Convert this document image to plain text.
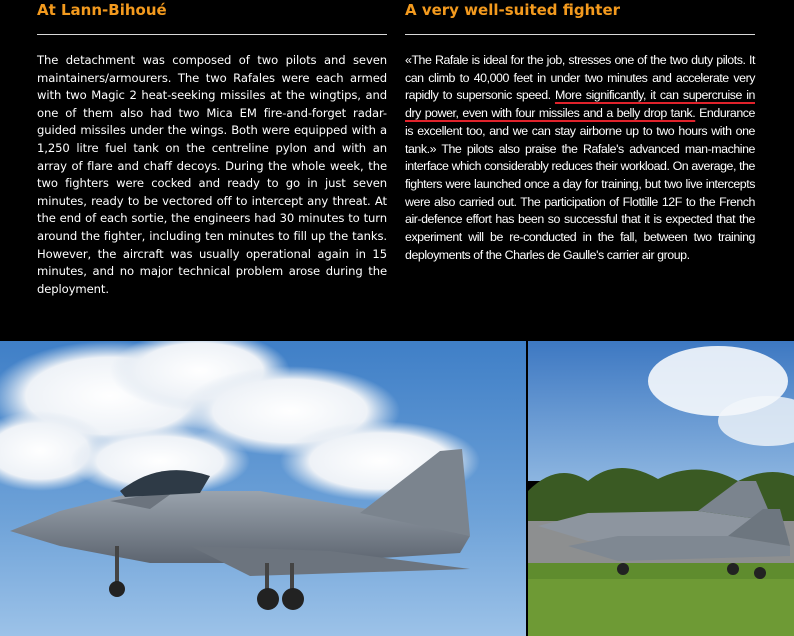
At Lann-Bihoué

The detachment was composed of two pilots and seven maintainers/armourers. The two Rafales were each armed with two Magic 2 heat-seeking missiles at the wingtips, and one of them also had two Mica EM fire-and-forget radar-guided missiles under the wings. Both were equipped with a 1,250 litre fuel tank on the centreline pylon and with an array of flare and chaff decoys. During the whole week, the two fighters were cocked and ready to go in just seven minutes, ready to be vectored off to intercept any threat. At the end of each sortie, the engineers had 30 minutes to turn around the fighter, including ten minutes to fill up the tanks. However, the aircraft was usually operational again in 15 minutes, and no major technical problem arose during the deployment.

A very well-suited fighter

«The Rafale is ideal for the job, stresses one of the two duty pilots. It can climb to 40,000 feet in under two minutes and accelerate very rapidly to supersonic speed. More significantly, it can supercruise in dry power, even with four missiles and a belly drop tank. Endurance is excellent too, and we can stay airborne up to two hours with one tank.» The pilots also praise the Rafale's advanced man-machine interface which considerably reduces their workload. On average, the fighters were launched once a day for training, but two live intercepts were also carried out. The participation of Flottille 12F to the French air-defence effort has been so successful that it is expected that the experiment will be re-conducted in the fall, between two training deployments of the Charles de Gaulle's carrier air group.
